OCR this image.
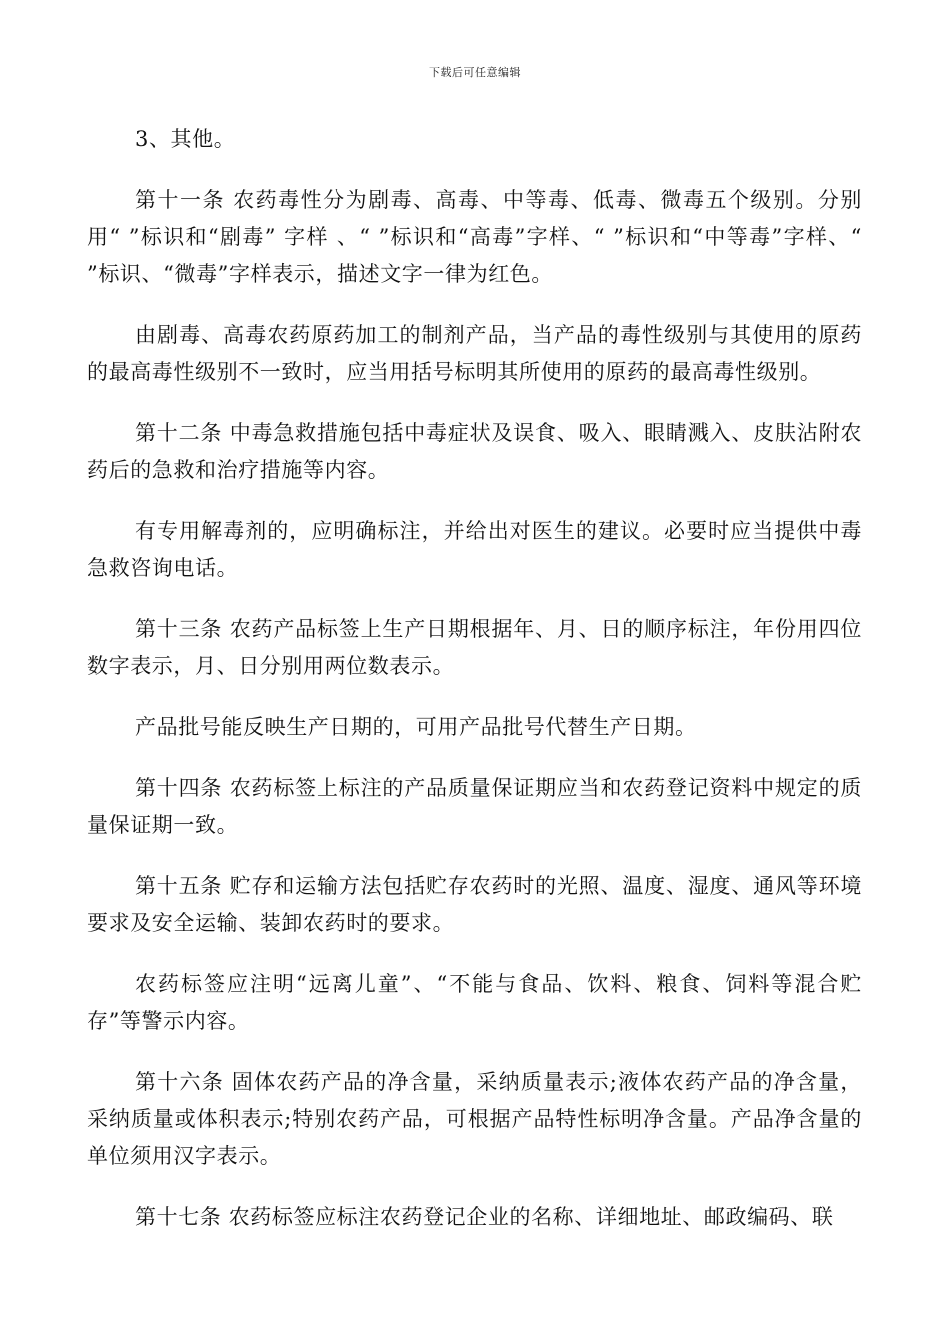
下载后可任意编辑

3、其他。

第十一条 农药毒性分为剧毒、高毒、中等毒、低毒、微毒五个级别。分别用“ ”标识和“剧毒” 字样 、“ ”标识和“高毒”字样、“ ”标识和“中等毒”字样、“ ”标识、“微毒”字样表示，描述文字一律为红色。

由剧毒、高毒农药原药加工的制剂产品，当产品的毒性级别与其使用的原药的最高毒性级别不一致时，应当用括号标明其所使用的原药的最高毒性级别。

第十二条 中毒急救措施包括中毒症状及误食、吸入、眼睛溅入、皮肤沾附农药后的急救和治疗措施等内容。

有专用解毒剂的，应明确标注，并给出对医生的建议。必要时应当提供中毒急救咨询电话。

第十三条 农药产品标签上生产日期根据年、月、日的顺序标注，年份用四位数字表示，月、日分别用两位数表示。

产品批号能反映生产日期的，可用产品批号代替生产日期。

第十四条 农药标签上标注的产品质量保证期应当和农药登记资料中规定的质量保证期一致。

第十五条 贮存和运输方法包括贮存农药时的光照、温度、湿度、通风等环境要求及安全运输、装卸农药时的要求。

农药标签应注明“远离儿童”、“不能与食品、饮料、粮食、饲料等混合贮存”等警示内容。

第十六条 固体农药产品的净含量，采纳质量表示;液体农药产品的净含量，采纳质量或体积表示;特别农药产品，可根据产品特性标明净含量。产品净含量的单位须用汉字表示。

第十七条 农药标签应标注农药登记企业的名称、详细地址、邮政编码、联
